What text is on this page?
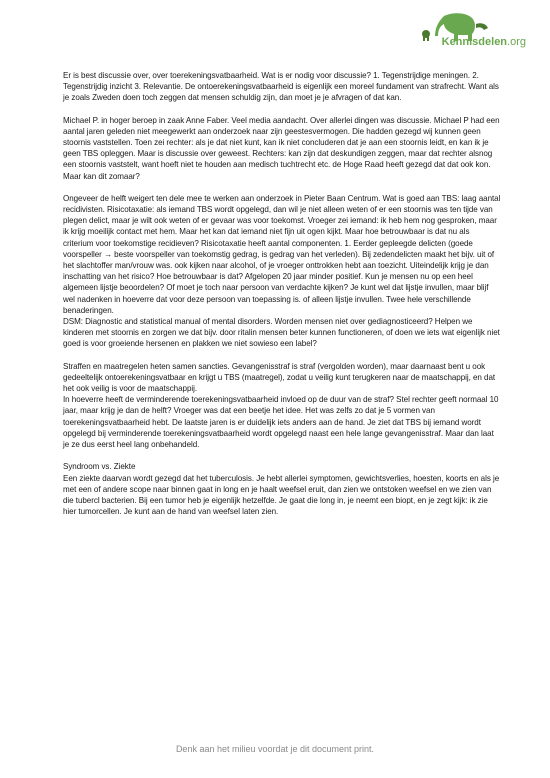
Kennisdelen.org

Er is best discussie over, over toerekeningsvatbaarheid. Wat is er nodig voor discussie? 1. Tegenstrijdige meningen. 2. Tegenstrijdig inzicht 3. Relevantie. De ontoerekeningsvatbaarheid is eigenlijk een moreel fundament van strafrecht. Want als je zoals Zweden doen toch zeggen dat mensen schuldig zijn, dan moet je je afvragen of dat kan.

Michael P. in hoger beroep in zaak Anne Faber. Veel media aandacht. Over allerlei dingen was discussie. Michael P had een aantal jaren geleden niet meegewerkt aan onderzoek naar zijn geestesvermogen. Die hadden gezegd wij kunnen geen stoornis vaststellen. Toen zei rechter: als je dat niet kunt, kan ik niet concluderen dat je aan een stoornis leidt, en kan ik je geen TBS opleggen. Maar is discussie over geweest. Rechters: kan zijn dat deskundigen zeggen, maar dat rechter alsnog een stoornis vaststelt, want hoeft niet te houden aan medisch tuchtrecht etc. de Hoge Raad heeft gezegd dat dat ook kon. Maar kan dit zomaar?

Ongeveer de helft weigert ten dele mee te werken aan onderzoek in Pieter Baan Centrum. Wat is goed aan TBS: laag aantal recidivisten. Risicotaxatie: als iemand TBS wordt opgelegd, dan wil je niet alleen weten of er een stoornis was ten tijde van plegen delict, maar je wilt ook weten of er gevaar was voor toekomst. Vroeger zei iemand: ik heb hem nog gesproken, maar ik krijg moeilijk contact met hem. Maar het kan dat iemand niet fijn uit ogen kijkt. Maar hoe betrouwbaar is dat nu als criterium voor toekomstige recidieven? Risicotaxatie heeft aantal componenten. 1. Eerder gepleegde delicten (goede voorspeller → beste voorspeller van toekomstig gedrag, is gedrag van het verleden). Bij zedendelicten maakt het bijv. uit of het slachtoffer man/vrouw was. ook kijken naar alcohol, of je vroeger onttrokken hebt aan toezicht. Uiteindelijk krijg je dan inschatting van het risico? Hoe betrouwbaar is dat? Afgelopen 20 jaar minder positief. Kun je mensen nu op een heel algemeen lijstje beoordelen? Of moet je toch naar persoon van verdachte kijken? Je kunt wel dat lijstje invullen, maar blijf wel nadenken in hoeverre dat voor deze persoon van toepassing is. of alleen lijstje invullen. Twee hele verschillende benaderingen.
DSM: Diagnostic and statistical manual of mental disorders. Worden mensen niet over gediagnosticeerd? Helpen we kinderen met stoornis en zorgen we dat bijv. door ritalin mensen beter kunnen functioneren, of doen we iets wat eigenlijk niet goed is voor groeiende hersenen en plakken we niet sowieso een label?

Straffen en maatregelen heten samen sancties. Gevangenisstraf is straf (vergolden worden), maar daarnaast bent u ook gedeeltelijk ontoerekeningsvatbaar en krijgt u TBS (maatregel), zodat u veilig kunt terugkeren naar de maatschappij, en dat het ook veilig is voor de maatschappij.
In hoeverre heeft de verminderende toerekeningsvatbaarheid invloed op de duur van de straf? Stel rechter geeft normaal 10 jaar, maar krijg je dan de helft? Vroeger was dat een beetje het idee. Het was zelfs zo dat je 5 vormen van toerekeningsvatbaarheid hebt. De laatste jaren is er duidelijk iets anders aan de hand. Je ziet dat TBS bij iemand wordt opgelegd bij verminderende toerekeningsvatbaarheid wordt opgelegd naast een hele lange gevangenisstraf. Maar dan laat je ze dus eerst heel lang onbehandeld.

Syndroom vs. Ziekte
Een ziekte daarvan wordt gezegd dat het tuberculosis. Je hebt allerlei symptomen, gewichtsverlies, hoesten, koorts en als je met een of andere scope naar binnen gaat in long en je haalt weefsel eruit, dan zien we ontstoken weefsel en we zien van die tubercl bacterien. Bij een tumor heb je eigenlijk hetzelfde. Je gaat die long in, je neemt een biopt, en je zegt kijk: ik zie hier tumorcellen. Je kunt aan de hand van weefsel laten zien.

Denk aan het milieu voordat je dit document print.
